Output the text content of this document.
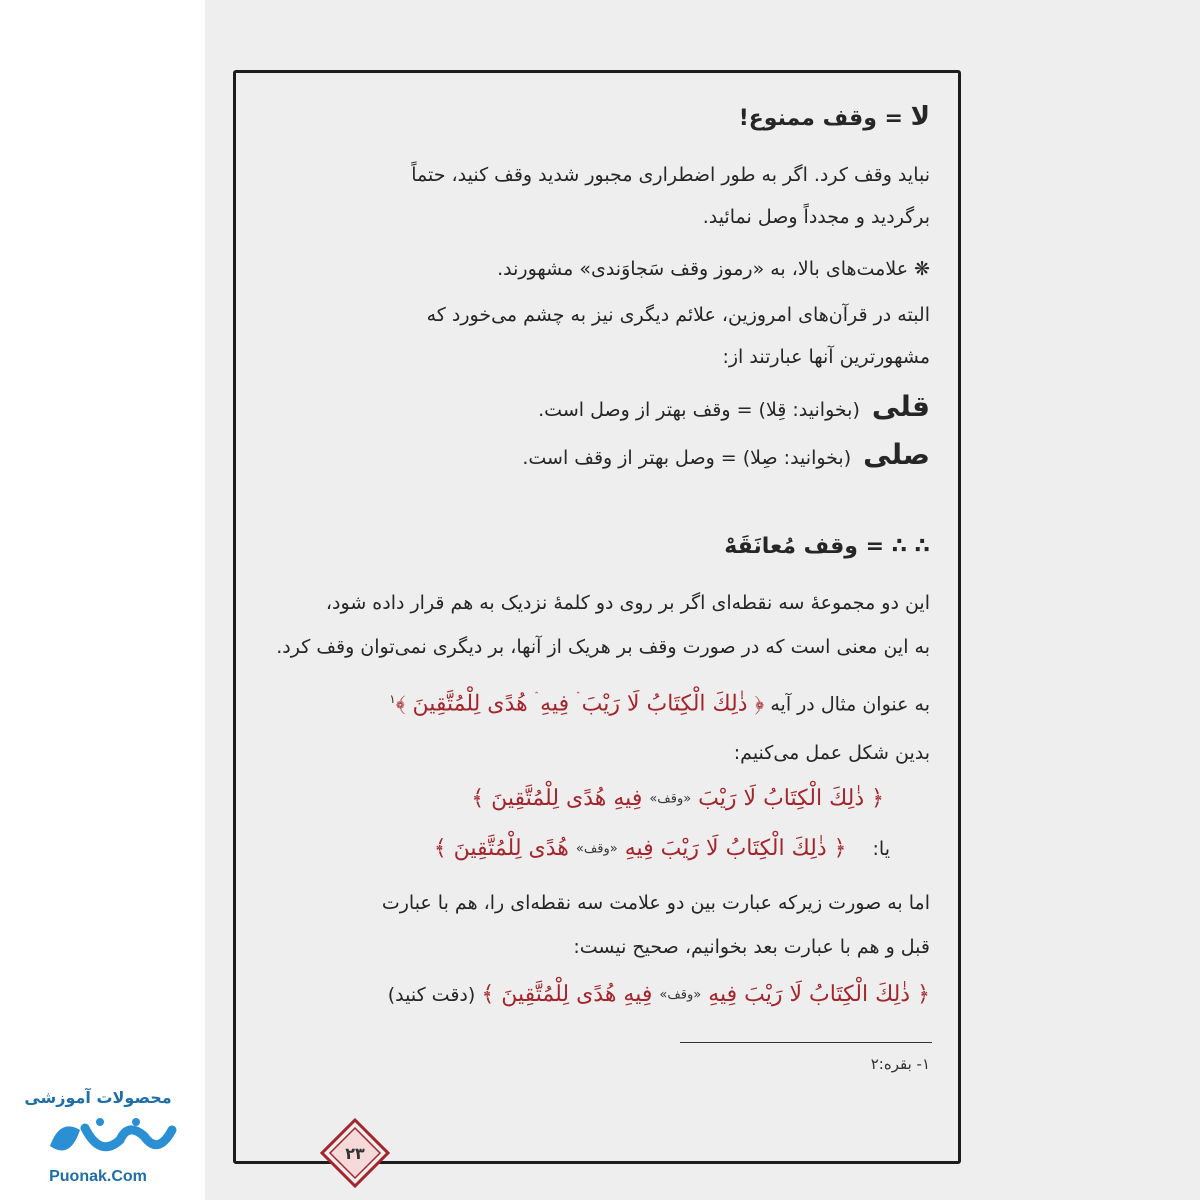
لا = وقف ممنوع!
نباید وقف کرد. اگر به طور اضطراری مجبور شدید وقف کنید، حتماً
برگردید و مجدداً وصل نمائید.
❋ علامت‌های بالا، به «رموز وقف سَجاوَندی» مشهورند.
البته در قرآن‌های امروزین، علائم دیگری نیز به چشم می‌خورد که
مشهورترین آنها عبارتند از:
قلی (بخوانید: قِلا) = وقف بهتر از وصل است.
صلی (بخوانید: صِلا) = وصل بهتر از وقف است.
∴ ∴ = وقف مُعانَقَهْ
این دو مجموعهٔ سه نقطه‌ای اگر بر روی دو کلمهٔ نزدیک به هم قرار داده شود،
به این معنی است که در صورت وقف بر هریک از آنها، بر دیگری نمی‌توان وقف کرد.
به عنوان مثال در آیه ﴿ ذٰلِكَ الْكِتَابُ لَا رَيْبَ ۛ فِيهِ ۛ هُدًى لِلْمُتَّقِينَ ﴾$^۱$
بدین شکل عمل می‌کنیم:
﴿ ذٰلِكَ الْكِتَابُ لَا رَيْبَ «وقف» فِيهِ هُدًى لِلْمُتَّقِينَ ﴾
یا:﴿ ذٰلِكَ الْكِتَابُ لَا رَيْبَ فِيهِ «وقف» هُدًى لِلْمُتَّقِينَ ﴾
اما به صورت زیرکه عبارت بین دو علامت سه نقطه‌ای را، هم با عبارت
قبل و هم با عبارت بعد بخوانیم، صحیح نیست:
﴿ ذٰلِكَ الْكِتَابُ لَا رَيْبَ فِيهِ «وقف» فِيهِ هُدًى لِلْمُتَّقِينَ ﴾ (دقت کنید)
۱- بقره:۲
۲۳
محصولات آموزشی
پونک
Puonak.Com
